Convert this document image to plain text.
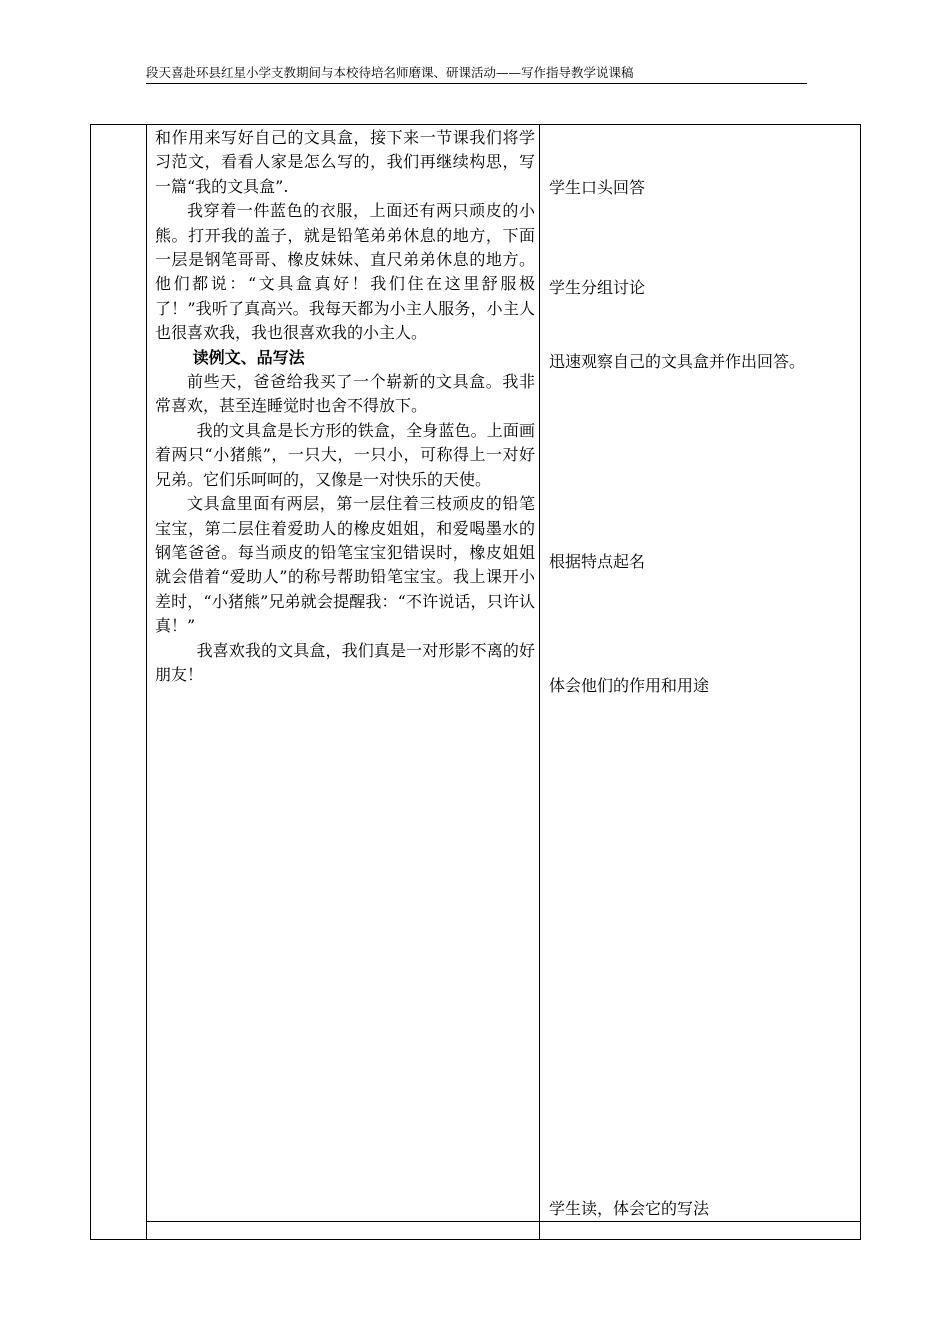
段天喜赴环县红星小学支教期间与本校待培名师磨课、研课活动——写作指导教学说课稿

和作用来写好自己的文具盒，接下来一节课我们将学习范文，看看人家是怎么写的，我们再继续构思，写一篇“我的文具盒”.

我穿着一件蓝色的衣服，上面还有两只顽皮的小熊。打开我的盖子，就是铅笔弟弟休息的地方，下面一层是钢笔哥哥、橡皮妹妹、直尺弟弟休息的地方。他们都说：“文具盒真好！我们住在这里舒服极了！”我听了真高兴。我每天都为小主人服务，小主人也很喜欢我，我也很喜欢我的小主人。

读例文、品写法

前些天，爸爸给我买了一个崭新的文具盒。我非常喜欢，甚至连睡觉时也舍不得放下。

我的文具盒是长方形的铁盒，全身蓝色。上面画着两只“小猪熊”，一只大，一只小，可称得上一对好兄弟。它们乐呵呵的，又像是一对快乐的天使。

文具盒里面有两层，第一层住着三枝顽皮的铅笔宝宝，第二层住着爱助人的橡皮姐姐，和爱喝墨水的钢笔爸爸。每当顽皮的铅笔宝宝犯错误时，橡皮姐姐就会借着“爱助人”的称号帮助铅笔宝宝。我上课开小差时，“小猪熊”兄弟就会提醒我：“不许说话，只许认真！”

我喜欢我的文具盒，我们真是一对形影不离的好朋友！

学生口头回答
学生分组讨论
迅速观察自己的文具盒并作出回答。
根据特点起名
体会他们的作用和用途
学生读，体会它的写法
